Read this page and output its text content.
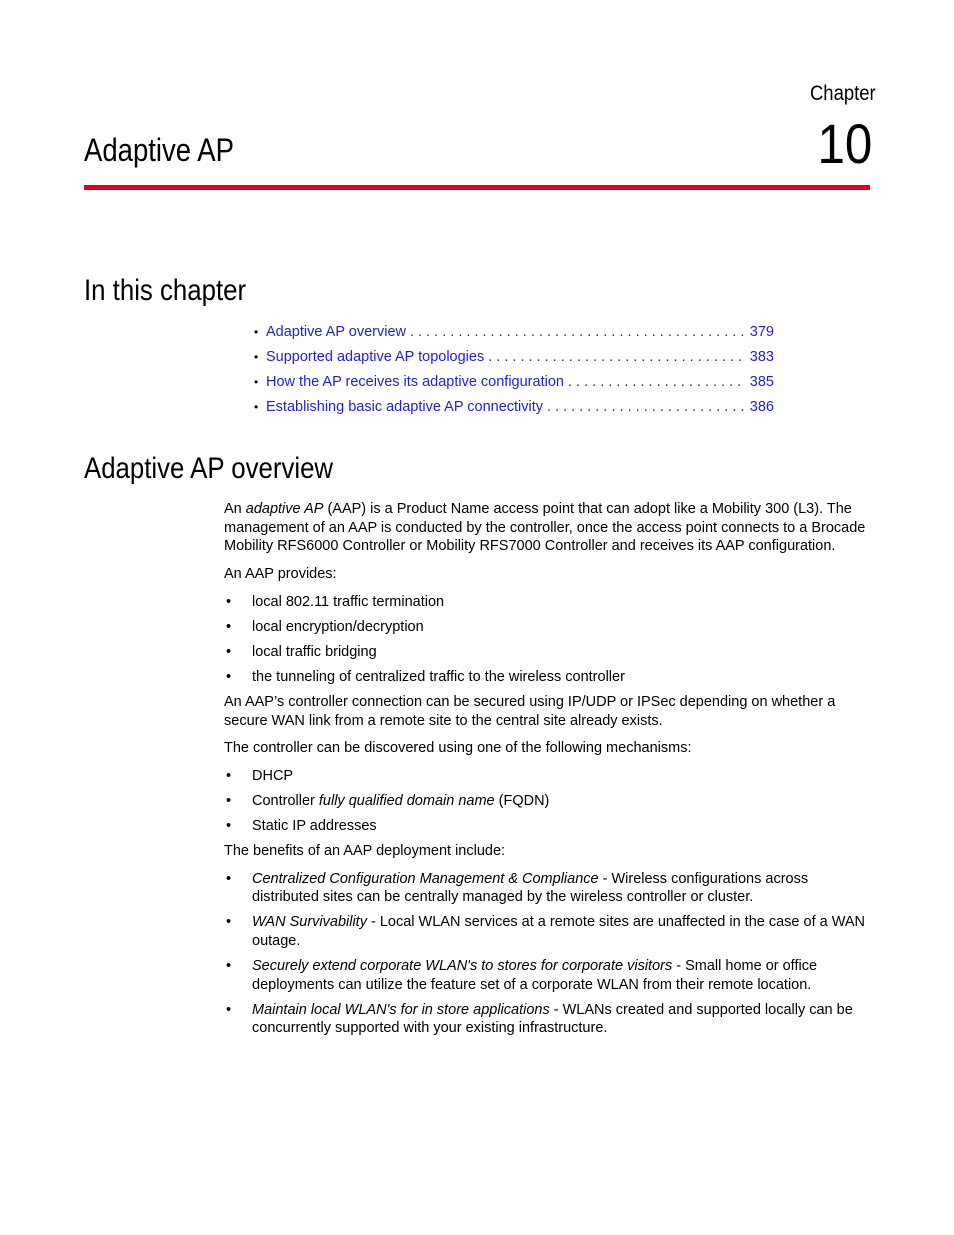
Chapter
10
Adaptive AP
In this chapter
• Adaptive AP overview . . .	379
• Supported adaptive AP topologies . . .	383
• How the AP receives its adaptive configuration . . .	385
• Establishing basic adaptive AP connectivity . . .	386
Adaptive AP overview

An adaptive AP (AAP) is a Product Name access point that can adopt like a Mobility 300 (L3). The management of an AAP is conducted by the controller, once the access point connects to a Brocade Mobility RFS6000 Controller or Mobility RFS7000 Controller and receives its AAP configuration.

An AAP provides:

• local 802.11 traffic termination
• local encryption/decryption
• local traffic bridging
• the tunneling of centralized traffic to the wireless controller

An AAP’s controller connection can be secured using IP/UDP or IPSec depending on whether a secure WAN link from a remote site to the central site already exists.

The controller can be discovered using one of the following mechanisms:

• DHCP
• Controller fully qualified domain name (FQDN)
• Static IP addresses

The benefits of an AAP deployment include:

• Centralized Configuration Management & Compliance - Wireless configurations across distributed sites can be centrally managed by the wireless controller or cluster.
• WAN Survivability - Local WLAN services at a remote sites are unaffected in the case of a WAN outage.
• Securely extend corporate WLAN's to stores for corporate visitors - Small home or office deployments can utilize the feature set of a corporate WLAN from their remote location.
• Maintain local WLAN's for in store applications - WLANs created and supported locally can be concurrently supported with your existing infrastructure.
